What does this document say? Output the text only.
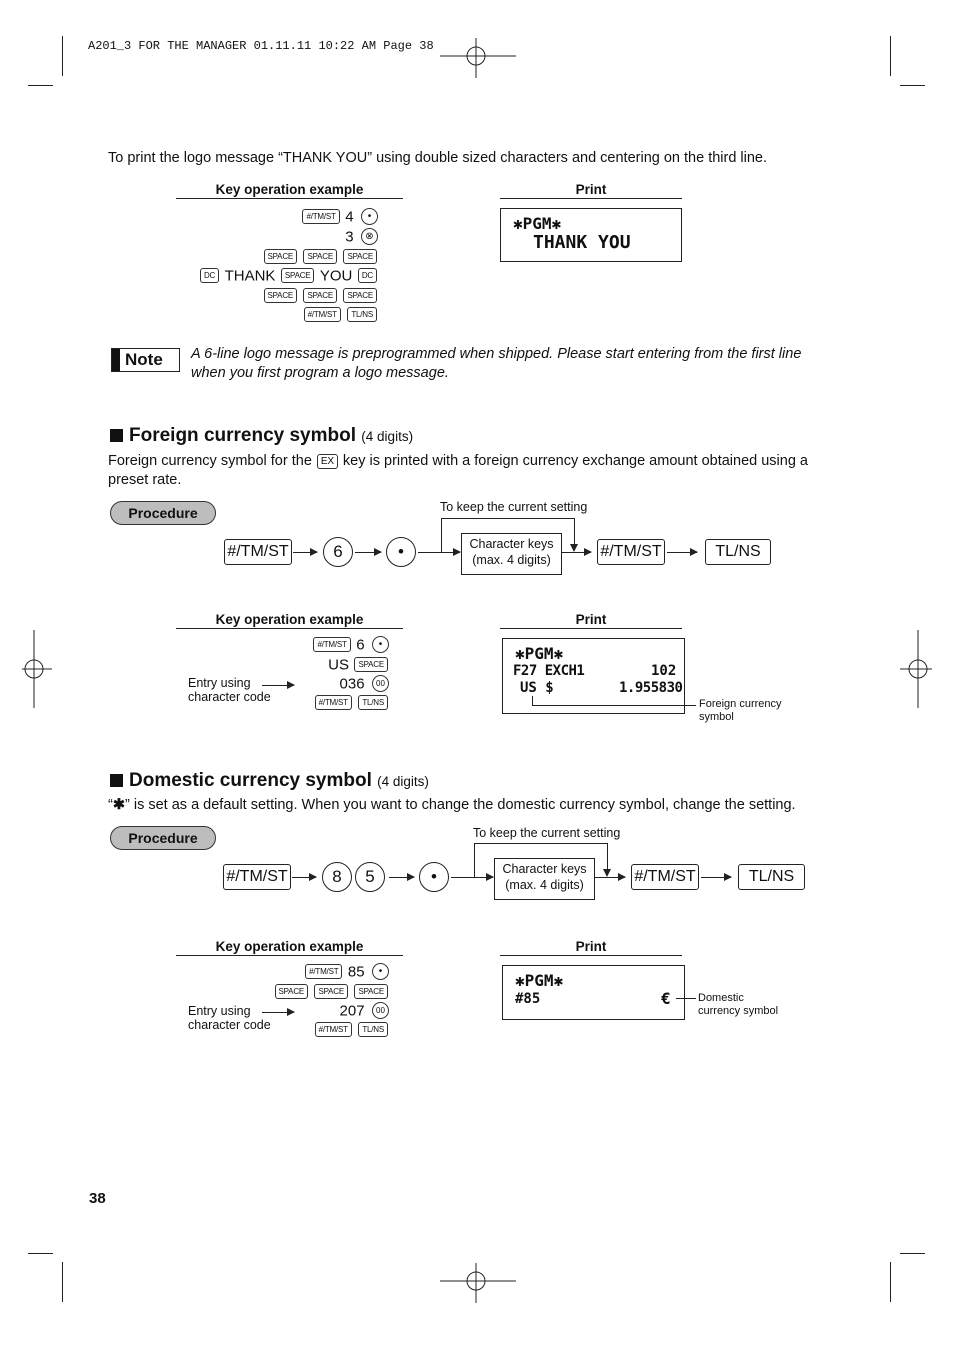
A201_3 FOR THE MANAGER 01.11.11 10:22 AM Page 38
To print the logo message “THANK YOU” using double sized characters and centering on the third line.
Key operation example	Print
#/TM/ST 4 •
3 ⊗
SPACE SPACE SPACE
DC THANK SPACE YOU DC
SPACE SPACE SPACE
#/TM/ST TL/NS
✱PGM✱
THANK YOU
Note A 6-line logo message is preprogrammed when shipped. Please start entering from the first line when you first program a logo message.
Foreign currency symbol (4 digits)
Foreign currency symbol for the EX key is printed with a foreign currency exchange amount obtained using a preset rate.
Procedure	To keep the current setting
#/TM/ST	6	•	Character keys
(max. 4 digits)	#/TM/ST	TL/NS
Key operation example	Print
#/TM/ST 6 •
US SPACE
036 00
#/TM/ST TL/NS
Entry using
character code
✱PGM✱
F27 EXCH1	102
US $	1.955830
Foreign currency
symbol
Domestic currency symbol (4 digits)
“✱” is set as a default setting. When you want to change the domestic currency symbol, change the setting.
Procedure	To keep the current setting
#/TM/ST	8	5	•	Character keys
(max. 4 digits)	#/TM/ST	TL/NS
Key operation example	Print
#/TM/ST 85 •
SPACE SPACE SPACE
207 00
#/TM/ST TL/NS
Entry using
character code
✱PGM✱
#85	€ Domestic
currency symbol
38
